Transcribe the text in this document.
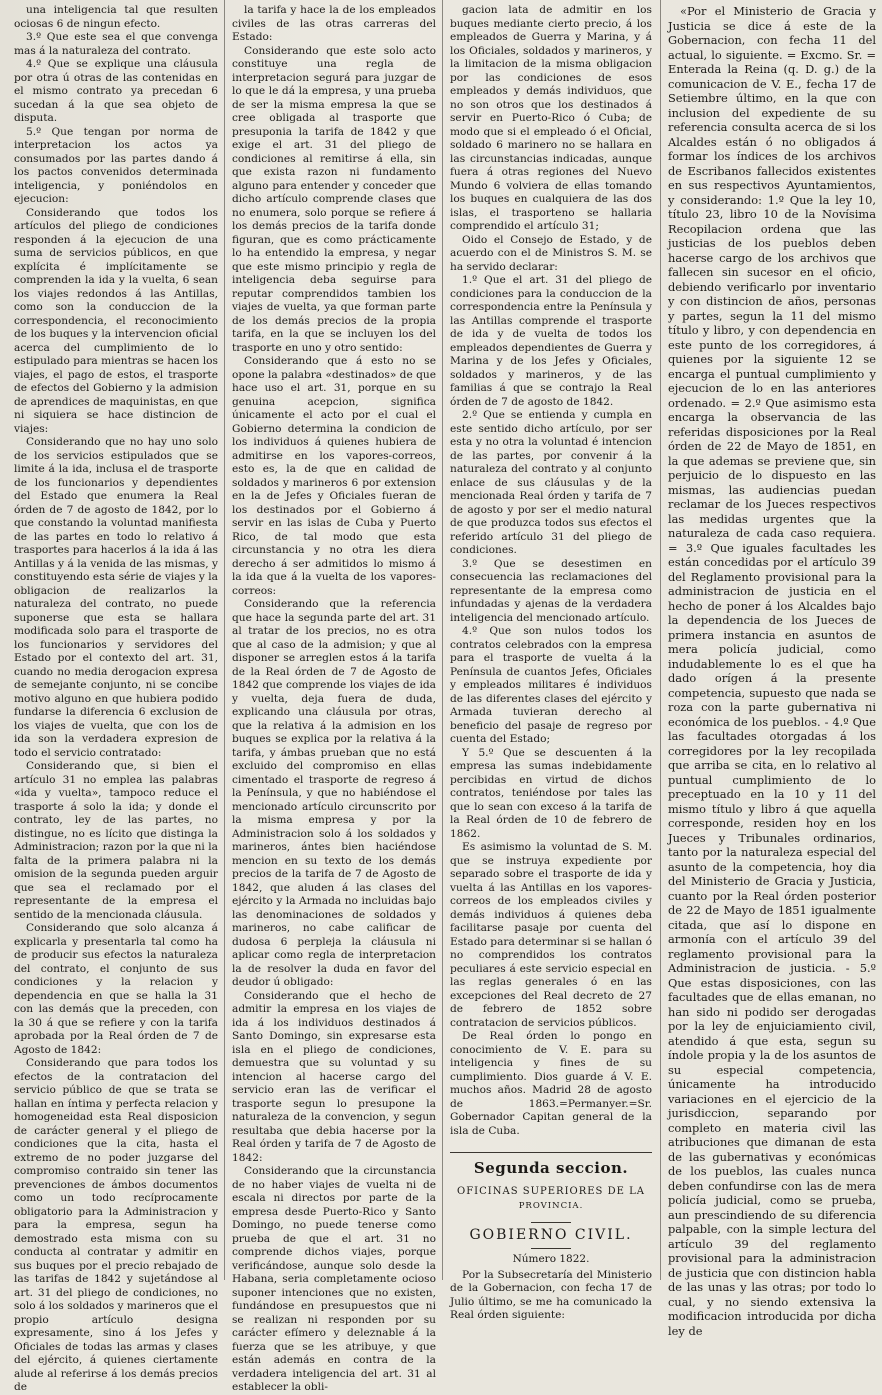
una inteligencia tal que resulten ociosas 6 de ningun efecto.

3.º Que este sea el que convenga mas á la naturaleza del contrato.

4.º Que se explique una cláusula por otra ú otras de las contenidas en el mismo contrato ya precedan 6 sucedan á la que sea objeto de disputa.

5.º Que tengan por norma de interpretacion los actos ya consumados por las partes dando á los pactos convenidos determinada inteligencia, y poniéndolos en ejecucion:

Considerando que todos los artículos del pliego de condiciones responden á la ejecucion de una suma de servicios públicos, en que explícita é implícitamente se comprenden la ida y la vuelta, 6 sean los viajes redondos á las Antillas, como son la conduccion de la correspondencia, el reconocimiento de los buques y la intervencion oficial acerca del cumplimiento de lo estipulado para mientras se hacen los viajes, el pago de estos, el trasporte de efectos del Gobierno y la admision de aprendices de maquinistas, en que ni siquiera se hace distincion de viajes:

Considerando que no hay uno solo de los servicios estipulados que se limite á la ida, inclusa el de trasporte de los funcionarios y dependientes del Estado que enumera la Real órden de 7 de agosto de 1842, por lo que constando la voluntad manifiesta de las partes en todo lo relativo á trasportes para hacerlos á la ida á las Antillas y á la venida de las mismas, y constituyendo esta série de viajes y la obligacion de realizarlos la naturaleza del contrato, no puede suponerse que esta se hallara modificada solo para el trasporte de los funcionarios y servidores del Estado por el contexto del art. 31, cuando no media derogacion expresa de semejante conjunto, ni se concibe motivo alguno en que hubiera podido fundarse la diferencia 6 exclusion de los viajes de vuelta, que con los de ida son la verdadera expresion de todo el servicio contratado:

Considerando que, si bien el artículo 31 no emplea las palabras «ida y vuelta», tampoco reduce el trasporte á solo la ida; y donde el contrato, ley de las partes, no distingue, no es lícito que distinga la Administracion; razon por la que ni la falta de la primera palabra ni la omision de la segunda pueden arguir que sea el reclamado por el representante de la empresa el sentido de la mencionada cláusula.

Considerando que solo alcanza á explicarla y presentarla tal como ha de producir sus efectos la naturaleza del contrato, el conjunto de sus condiciones y la relacion y dependencia en que se halla la 31 con las demás que la preceden, con la 30 á que se refiere y con la tarifa aprobada por la Real órden de 7 de Agosto de 1842:

Considerando que para todos los efectos de la contratacion del servicio público de que se trata se hallan en íntima y perfecta relacion y homogeneidad esta Real disposicion de carácter general y el pliego de condiciones que la cita, hasta el extremo de no poder juzgarse del compromiso contraido sin tener las prevenciones de ámbos documentos como un todo recíprocamente obligatorio para la Administracion y para la empresa, segun ha demostrado esta misma con su conducta al contratar y admitir en sus buques por el precio rebajado de las tarifas de 1842 y sujetándose al art. 31 del pliego de condiciones, no solo á los soldados y marineros que el propio artículo designa expresamente, sino á los Jefes y Oficiales de todas las armas y clases del ejército, á quienes ciertamente alude al referirse á los demás precios de

la tarifa y hace la de los empleados civiles de las otras carreras del Estado:

Considerando que este solo acto constituye una regla de interpretacion segurá para juzgar de lo que le dá la empresa, y una prueba de ser la misma empresa la que se cree obligada al trasporte que presuponia la tarifa de 1842 y que exige el art. 31 del pliego de condiciones al remitirse á ella, sin que exista razon ni fundamento alguno para entender y conceder que dicho artículo comprende clases que no enumera, solo porque se refiere á los demás precios de la tarifa donde figuran, que es como prácticamente lo ha entendido la empresa, y negar que este mismo principio y regla de inteligencia deba seguirse para reputar comprendidos tambien los viajes de vuelta, ya que forman parte de los demás precios de la propia tarifa, en la que se incluyen los del trasporte en uno y otro sentido:

Considerando que á esto no se opone la palabra «destinados» de que hace uso el art. 31, porque en su genuina acepcion, significa únicamente el acto por el cual el Gobierno determina la condicion de los individuos á quienes hubiera de admitirse en los vapores-correos, esto es, la de que en calidad de soldados y marineros 6 por extension en la de Jefes y Oficiales fueran de los destinados por el Gobierno á servir en las islas de Cuba y Puerto Rico, de tal modo que esta circunstancia y no otra les diera derecho á ser admitidos lo mismo á la ida que á la vuelta de los vapores-correos:

Considerando que la referencia que hace la segunda parte del art. 31 al tratar de los precios, no es otra que al caso de la admision; y que al disponer se arreglen estos á la tarifa de la Real órden de 7 de Agosto de 1842 que comprende los viajes de ida y vuelta, deja fuera de duda, explicando una cláusula por otras, que la relativa á la admision en los buques se explica por la relativa á la tarifa, y ámbas prueban que no está excluido del compromiso en ellas cimentado el trasporte de regreso á la Península, y que no habiéndose el mencionado artículo circunscrito por la misma empresa y por la Administracion solo á los soldados y marineros, ántes bien haciéndose mencion en su texto de los demás precios de la tarifa de 7 de Agosto de 1842, que aluden á las clases del ejército y la Armada no incluidas bajo las denominaciones de soldados y marineros, no cabe calificar de dudosa 6 perpleja la cláusula ni aplicar como regla de interpretacion la de resolver la duda en favor del deudor ú obligado:

Considerando que el hecho de admitir la empresa en los viajes de ida á los individuos destinados á Santo Domingo, sin expresarse esta isla en el pliego de condiciones, demuestra que su voluntad y su intencion al hacerse cargo del servicio eran las de verificar el trasporte segun lo presupone la naturaleza de la convencion, y segun resultaba que debia hacerse por la Real órden y tarifa de 7 de Agosto de 1842:

Considerando que la circunstancia de no haber viajes de vuelta ni de escala ni directos por parte de la empresa desde Puerto-Rico y Santo Domingo, no puede tenerse como prueba de que el art. 31 no comprende dichos viajes, porque verificándose, aunque solo desde la Habana, seria completamente ocioso suponer intenciones que no existen, fundándose en presupuestos que ni se realizan ni responden por su carácter efímero y deleznable á la fuerza que se les atribuye, y que están además en contra de la verdadera inteligencia del art. 31 al establecer la obli-

gacion lata de admitir en los buques mediante cierto precio, á los empleados de Guerra y Marina, y á los Oficiales, soldados y marineros, y la limitacion de la misma obligacion por las condiciones de esos empleados y demás individuos, que no son otros que los destinados á servir en Puerto-Rico ó Cuba; de modo que si el empleado ó el Oficial, soldado 6 marinero no se hallara en las circunstancias indicadas, aunque fuera á otras regiones del Nuevo Mundo 6 volviera de ellas tomando los buques en cualquiera de las dos islas, el trasporteno se hallaria comprendido el artículo 31;

Oido el Consejo de Estado, y de acuerdo con el de Ministros S. M. se ha servido declarar:

1.º Que el art. 31 del pliego de condiciones para la conduccion de la correspondencia entre la Península y las Antillas comprende el trasporte de ida y de vuelta de todos los empleados dependientes de Guerra y Marina y de los Jefes y Oficiales, soldados y marineros, y de las familias á que se contrajo la Real órden de 7 de agosto de 1842.

2.º Que se entienda y cumpla en este sentido dicho artículo, por ser esta y no otra la voluntad é intencion de las partes, por convenir á la naturaleza del contrato y al conjunto enlace de sus cláusulas y de la mencionada Real órden y tarifa de 7 de agosto y por ser el medio natural de que produzca todos sus efectos el referido artículo 31 del pliego de condiciones.

3.º Que se desestimen en consecuencia las reclamaciones del representante de la empresa como infundadas y ajenas de la verdadera inteligencia del mencionado artículo.

4.º Que son nulos todos los contratos celebrados con la empresa para el trasporte de vuelta á la Península de cuantos Jefes, Oficiales y empleados militares é individuos de las diferentes clases del ejército y Armada tuvieran derecho al beneficio del pasaje de regreso por cuenta del Estado;

Y 5.º Que se descuenten á la empresa las sumas indebidamente percibidas en virtud de dichos contratos, teniéndose por tales las que lo sean con exceso á la tarifa de la Real órden de 10 de febrero de 1862.

Es asimismo la voluntad de S. M. que se instruya expediente por separado sobre el trasporte de ida y vuelta á las Antillas en los vapores-correos de los empleados civiles y demás individuos á quienes deba facilitarse pasaje por cuenta del Estado para determinar si se hallan ó no comprendidos los contratos peculiares á este servicio especial en las reglas generales ó en las excepciones del Real decreto de 27 de febrero de 1852 sobre contratacion de servicios públicos.

De Real órden lo pongo en conocimiento de V. E. para su inteligencia y fines de su cumplimiento. Dios guarde á V. E. muchos años. Madrid 28 de agosto de 1863.=Permanyer.=Sr. Gobernador Capitan general de la isla de Cuba.

Segunda seccion.
OFICINAS SUPERIORES DE LA
PROVINCIA.
GOBIERNO CIVIL.
Número 1822.

Por la Subsecretaría del Ministerio de la Gobernacion, con fecha 17 de Julio último, se me ha comunicado la Real órden siguiente:

«Por el Ministerio de Gracia y Justicia se dice á este de la Gobernacion, con fecha 11 del actual, lo siguiente. = Excmo. Sr. = Enterada la Reina (q. D. g.) de la comunicacion de V. E., fecha 17 de Setiembre último, en la que con inclusion del expediente de su referencia consulta acerca de si los Alcaldes están ó no obligados á formar los índices de los archivos de Escribanos fallecidos existentes en sus respectivos Ayuntamientos, y considerando: 1.º Que la ley 10, título 23, libro 10 de la Novísima Recopilacion ordena que las justicias de los pueblos deben hacerse cargo de los archivos que fallecen sin sucesor en el oficio, debiendo verificarlo por inventario y con distincion de años, personas y partes, segun la 11 del mismo título y libro, y con dependencia en este punto de los corregidores, á quienes por la siguiente 12 se encarga el puntual cumplimiento y ejecucion de lo en las anteriores ordenado. = 2.º Que asimismo esta encarga la observancia de las referidas disposiciones por la Real órden de 22 de Mayo de 1851, en la que ademas se previene que, sin perjuicio de lo dispuesto en las mismas, las audiencias puedan reclamar de los Jueces respectivos las medidas urgentes que la naturaleza de cada caso requiera. = 3.º Que iguales facultades les están concedidas por el artículo 39 del Reglamento provisional para la administracion de justicia en el hecho de poner á los Alcaldes bajo la dependencia de los Jueces de primera instancia en asuntos de mera policía judicial, como indudablemente lo es el que ha dado orígen á la presente competencia, supuesto que nada se roza con la parte gubernativa ni económica de los pueblos. - 4.º Que las facultades otorgadas á los corregidores por la ley recopilada que arriba se cita, en lo relativo al puntual cumplimiento de lo preceptuado en la 10 y 11 del mismo título y libro á que aquella corresponde, residen hoy en los Jueces y Tribunales ordinarios, tanto por la naturaleza especial del asunto de la competencia, hoy dia del Ministerio de Gracia y Justicia, cuanto por la Real órden posterior de 22 de Mayo de 1851 igualmente citada, que así lo dispone en armonía con el artículo 39 del reglamento provisional para la Administracion de justicia. - 5.º Que estas disposiciones, con las facultades que de ellas emanan, no han sido ni podido ser derogadas por la ley de enjuiciamiento civil, atendido á que esta, segun su índole propia y la de los asuntos de su especial competencia, únicamente ha introducido variaciones en el ejercicio de la jurisdiccion, separando por completo en materia civil las atribuciones que dimanan de esta de las gubernativas y económicas de los pueblos, las cuales nunca deben confundirse con las de mera policía judicial, como se prueba, aun prescindiendo de su diferencia palpable, con la simple lectura del artículo 39 del reglamento provisional para la administracion de justicia que con distincion habla de las unas y las otras; por todo lo cual, y no siendo extensiva la modificacion introducida por dicha ley de
